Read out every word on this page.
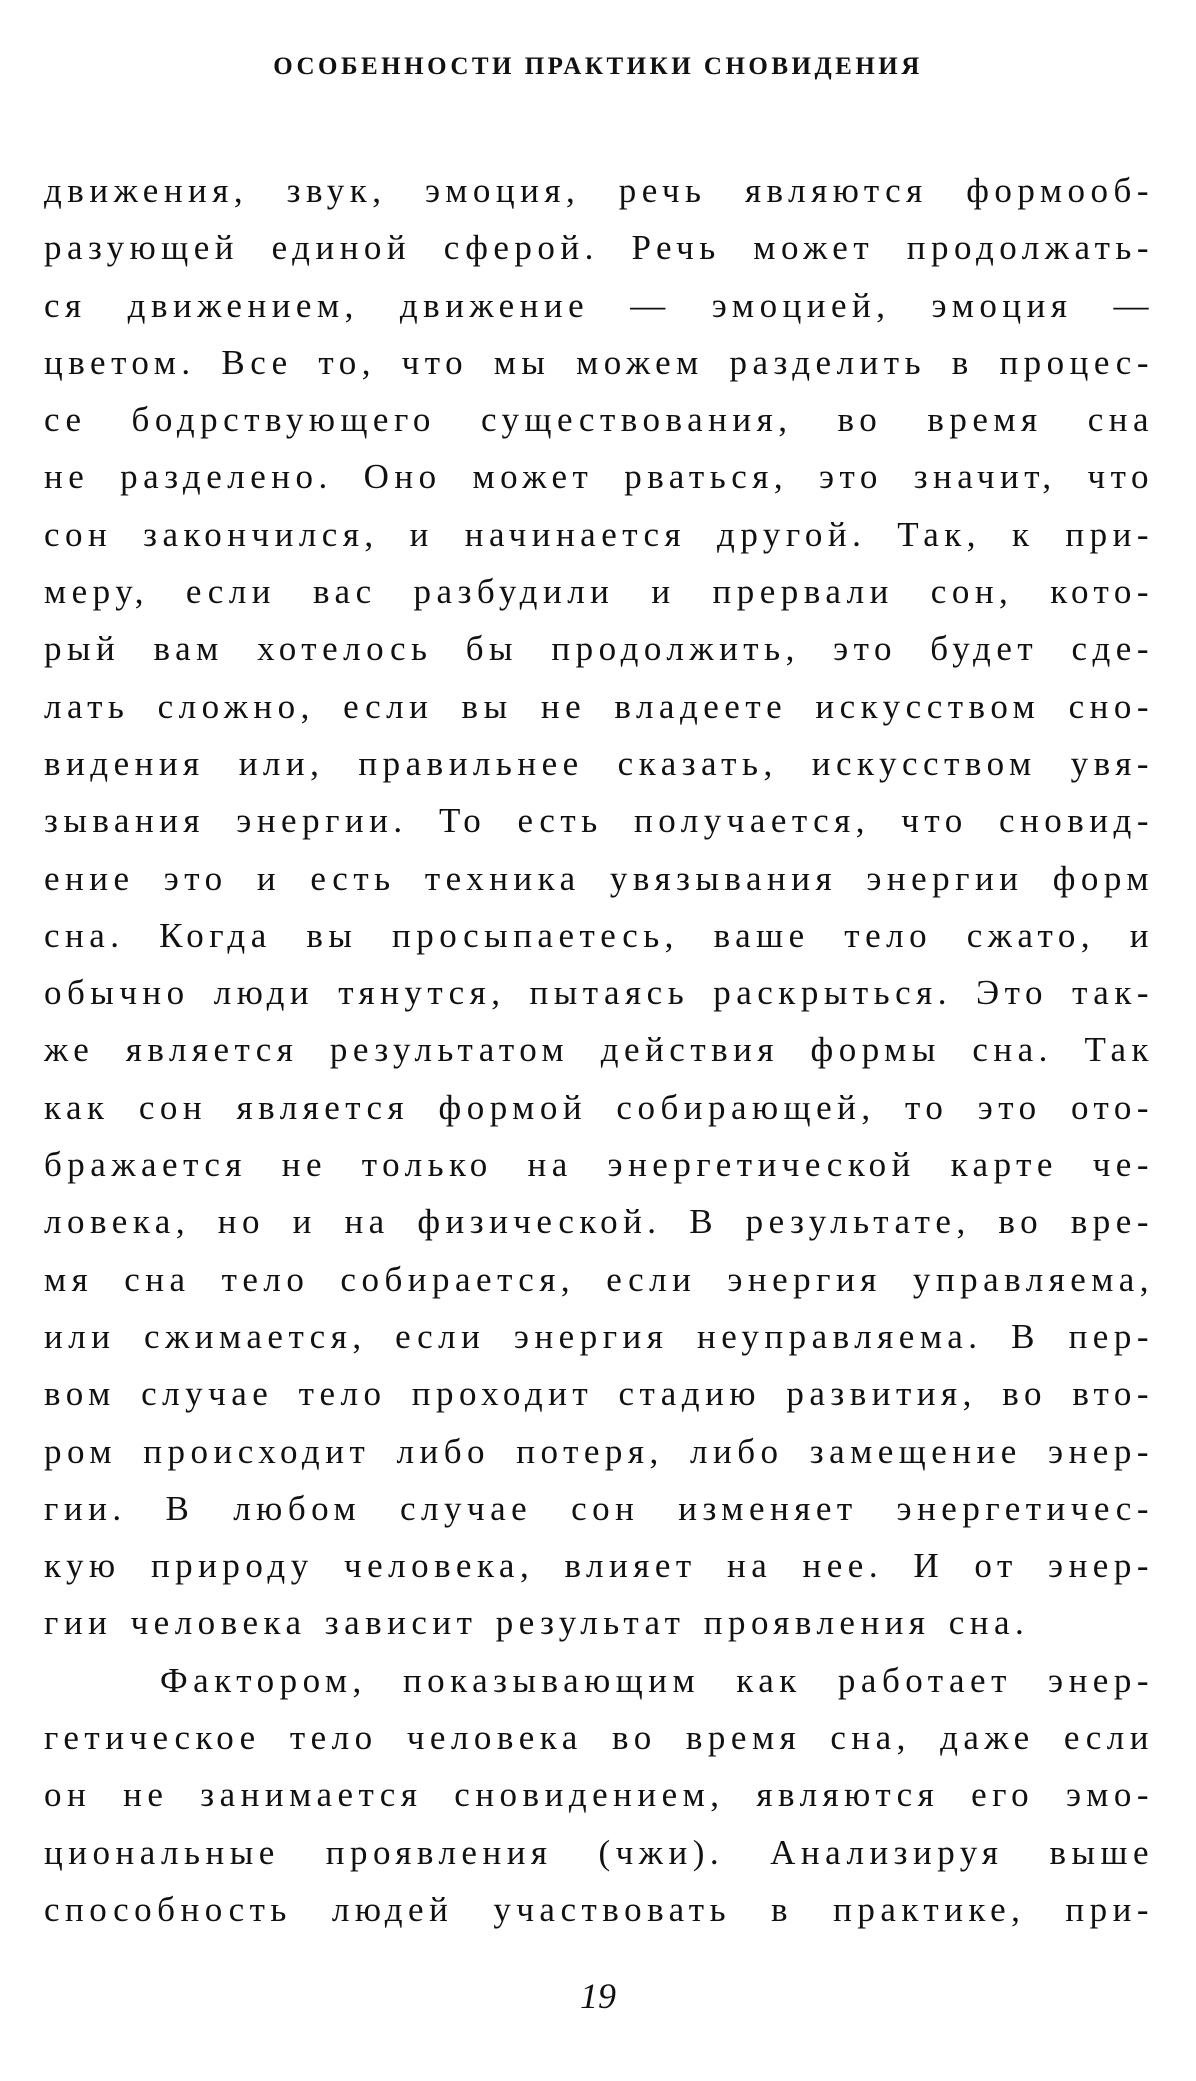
ОСОБЕННОСТИ ПРАКТИКИ СНОВИДЕНИЯ
движения, звук, эмоция, речь являются формооб-
разующей единой сферой. Речь может продолжать-
ся движением, движение — эмоцией, эмоция —
цветом. Все то, что мы можем разделить в процес-
се бодрствующего существования, во время сна
не разделено. Оно может рваться, это значит, что
сон закончился, и начинается другой. Так, к при-
меру, если вас разбудили и прервали сон, кото-
рый вам хотелось бы продолжить, это будет сде-
лать сложно, если вы не владеете искусством сно-
видения или, правильнее сказать, искусством увя-
зывания энергии. То есть получается, что сновид-
ение это и есть техника увязывания энергии форм
сна. Когда вы просыпаетесь, ваше тело сжато, и
обычно люди тянутся, пытаясь раскрыться. Это так-
же является результатом действия формы сна. Так
как сон является формой собирающей, то это ото-
бражается не только на энергетической карте че-
ловека, но и на физической. В результате, во вре-
мя сна тело собирается, если энергия управляема,
или сжимается, если энергия неуправляема. В пер-
вом случае тело проходит стадию развития, во вто-
ром происходит либо потеря, либо замещение энер-
гии. В любом случае сон изменяет энергетичес-
кую природу человека, влияет на нее. И от энер-
гии человека зависит результат проявления сна.
Фактором, показывающим как работает энер-
гетическое тело человека во время сна, даже если
он не занимается сновидением, являются его эмо-
циональные проявления (чжи). Анализируя выше
способность людей участвовать в практике, при-
19
